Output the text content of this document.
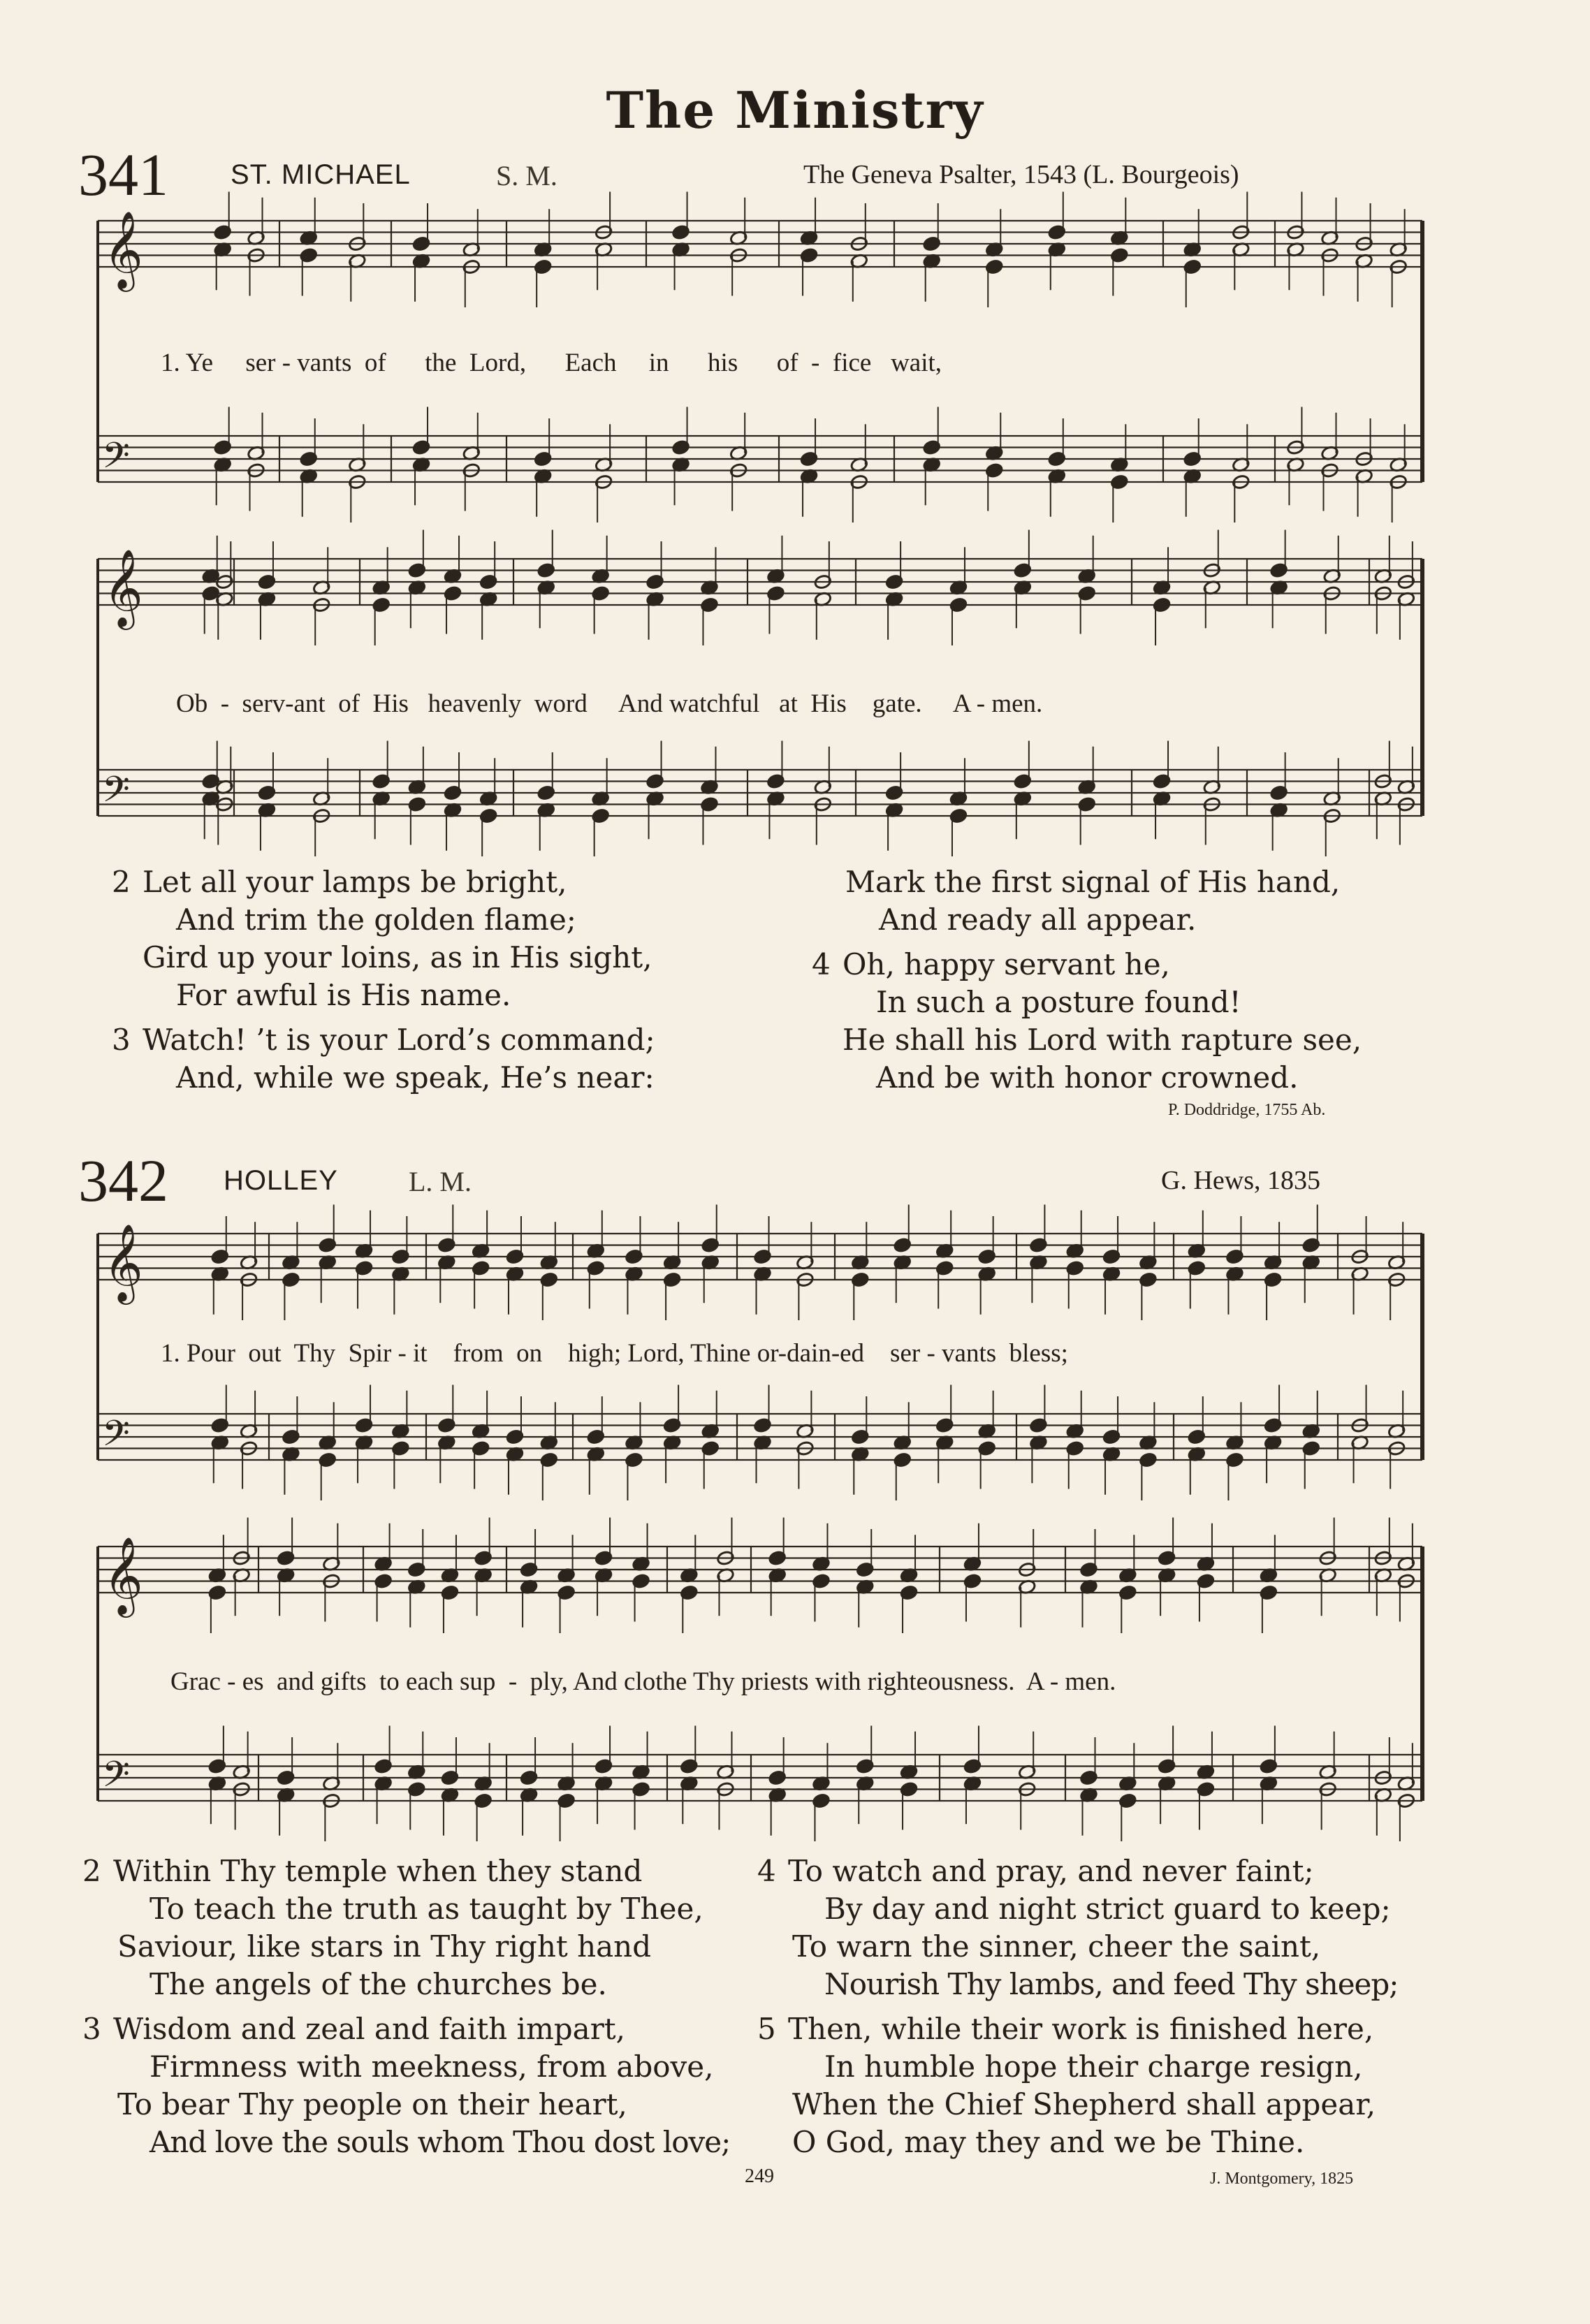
𝄞
𝄢
𝄞
𝄢
𝄞
𝄢
𝄞
𝄢
The Ministry
341 ST. MICHAEL	S. M.	The Geneva Psalter, 1543 (L. Bourgeois)
1. Ye     ser - vants  of      the  Lord,      Each     in      his      of  -  fice   wait,
Ob  -  serv-ant  of  His   heavenly  word     And watchful   at  His    gate.     A - men.
2 Let all your lamps be bright,
And trim the golden flame;
Gird up your loins, as in His sight,
For awful is His name.
3 Watch! ’t is your Lord’s command;
And, while we speak, He’s near:
Mark the first signal of His hand,
And ready all appear.
4 Oh, happy servant he,
In such a posture found!
He shall his Lord with rapture see,
And be with honor crowned.
P. Doddridge, 1755 Ab.
342 HOLLEY	L. M.	G. Hews, 1835
1. Pour  out  Thy  Spir - it    from  on    high; Lord, Thine or-dain-ed    ser - vants  bless;
Grac - es  and gifts  to each sup  -  ply, And clothe Thy priests with righteousness.  A - men.
2 Within Thy temple when they stand
To teach the truth as taught by Thee,
Saviour, like stars in Thy right hand
The angels of the churches be.
3 Wisdom and zeal and faith impart,
Firmness with meekness, from above,
To bear Thy people on their heart,
And love the souls whom Thou dost love;
4 To watch and pray, and never faint;
By day and night strict guard to keep;
To warn the sinner, cheer the saint,
Nourish Thy lambs, and feed Thy sheep;
5 Then, while their work is finished here,
In humble hope their charge resign,
When the Chief Shepherd shall appear,
O God, may they and we be Thine.
249	J. Montgomery, 1825
